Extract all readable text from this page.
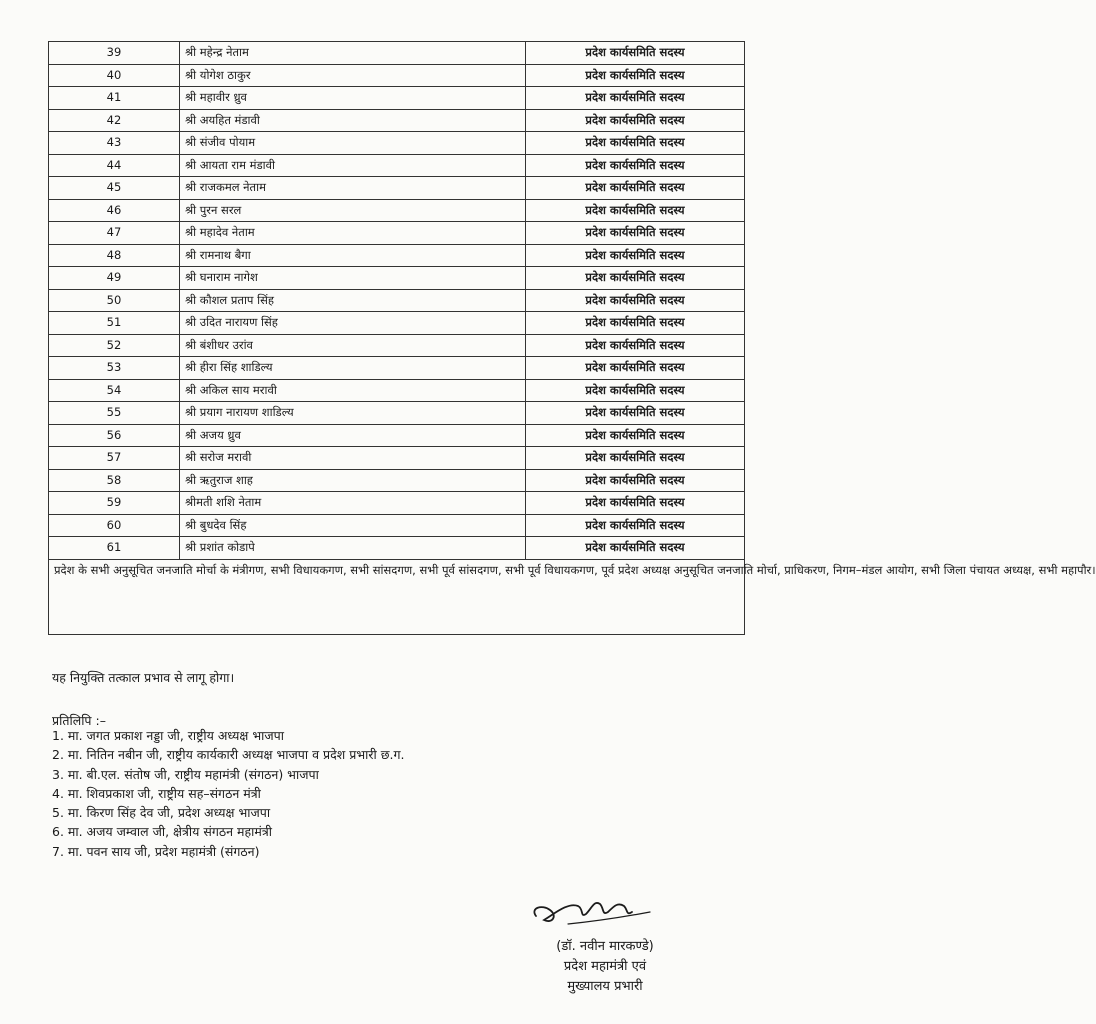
39	श्री महेन्द्र नेताम	प्रदेश कार्यसमिति सदस्य
40	श्री योगेश ठाकुर	प्रदेश कार्यसमिति सदस्य
41	श्री महावीर ध्रुव	प्रदेश कार्यसमिति सदस्य
42	श्री अयहित मंडावी	प्रदेश कार्यसमिति सदस्य
43	श्री संजीव पोयाम	प्रदेश कार्यसमिति सदस्य
44	श्री आयता राम मंडावी	प्रदेश कार्यसमिति सदस्य
45	श्री राजकमल नेताम	प्रदेश कार्यसमिति सदस्य
46	श्री पुरन सरल	प्रदेश कार्यसमिति सदस्य
47	श्री महादेव नेताम	प्रदेश कार्यसमिति सदस्य
48	श्री रामनाथ बैगा	प्रदेश कार्यसमिति सदस्य
49	श्री घनाराम नागेश	प्रदेश कार्यसमिति सदस्य
50	श्री कौशल प्रताप सिंह	प्रदेश कार्यसमिति सदस्य
51	श्री उदित नारायण सिंह	प्रदेश कार्यसमिति सदस्य
52	श्री बंशीधर उरांव	प्रदेश कार्यसमिति सदस्य
53	श्री हीरा सिंह शाडिल्य	प्रदेश कार्यसमिति सदस्य
54	श्री अकिल साय मरावी	प्रदेश कार्यसमिति सदस्य
55	श्री प्रयाग नारायण शाडिल्य	प्रदेश कार्यसमिति सदस्य
56	श्री अजय ध्रुव	प्रदेश कार्यसमिति सदस्य
57	श्री सरोज मरावी	प्रदेश कार्यसमिति सदस्य
58	श्री ऋतुराज शाह	प्रदेश कार्यसमिति सदस्य
59	श्रीमती शशि नेताम	प्रदेश कार्यसमिति सदस्य
60	श्री बुधदेव सिंह	प्रदेश कार्यसमिति सदस्य
61	श्री प्रशांत कोडापे	प्रदेश कार्यसमिति सदस्य

प्रदेश के सभी अनुसूचित जनजाति मोर्चा के मंत्रीगण, सभी विधायकगण, सभी सांसदगण, सभी पूर्व सांसदगण, सभी पूर्व विधायकगण, पूर्व प्रदेश अध्यक्ष अनुसूचित जनजाति मोर्चा, प्राधिकरण, निगम–मंडल आयोग, सभी जिला पंचायत अध्यक्ष, सभी महापौर।		
यह नियुक्ति तत्काल प्रभाव से लागू होगा।
प्रतिलिपि :–
1. मा. जगत प्रकाश नड्डा जी, राष्ट्रीय अध्यक्ष भाजपा
2. मा. नितिन नबीन जी, राष्ट्रीय कार्यकारी अध्यक्ष भाजपा व प्रदेश प्रभारी छ.ग.
3. मा. बी.एल. संतोष जी, राष्ट्रीय महामंत्री (संगठन) भाजपा
4. मा. शिवप्रकाश जी, राष्ट्रीय सह–संगठन मंत्री
5. मा. किरण सिंह देव जी, प्रदेश अध्यक्ष भाजपा
6. मा. अजय जम्वाल जी, क्षेत्रीय संगठन महामंत्री
7. मा. पवन साय जी, प्रदेश महामंत्री (संगठन)
(डॉ. नवीन मारकण्डे)
प्रदेश महामंत्री एवं
मुख्यालय प्रभारी
